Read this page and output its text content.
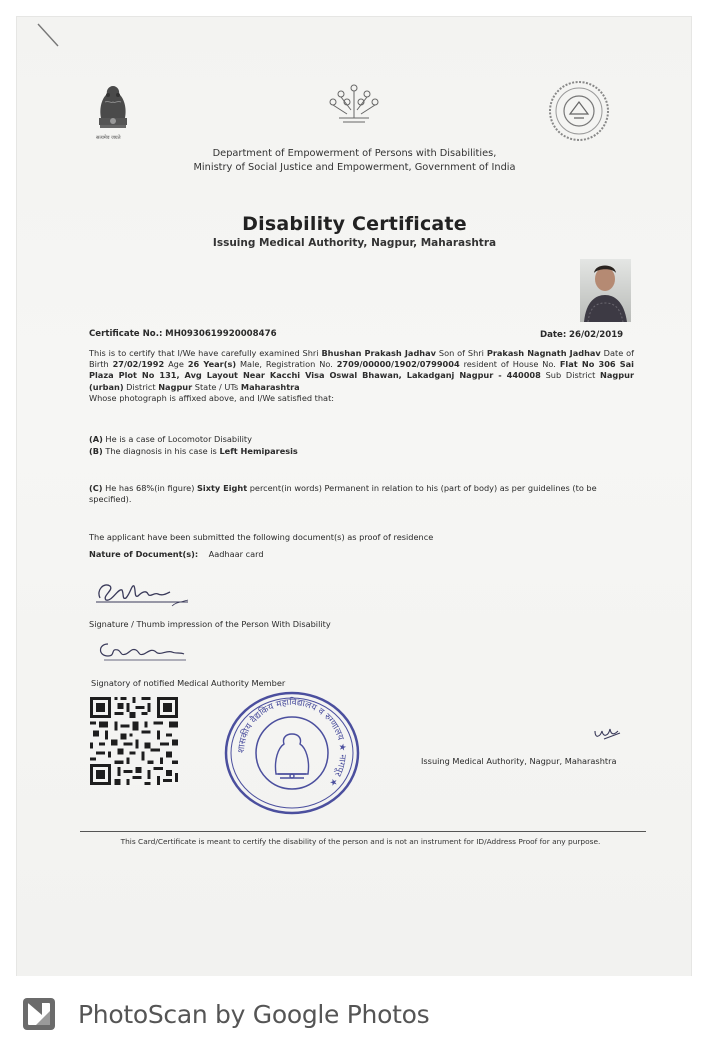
सत्यमेव जयते
Department of Empowerment of Persons with Disabilities,
Ministry of Social Justice and Empowerment, Government of India
Disability Certificate
Issuing Medical Authority, Nagpur, Maharashtra
Certificate No.: MH0930619920008476	Date: 26/02/2019
This is to certify that I/We have carefully examined Shri Bhushan Prakash Jadhav Son of Shri Prakash Nagnath Jadhav Date of Birth 27/02/1992 Age 26 Year(s) Male, Registration No. 2709/00000/1902/0799004 resident of House No. Flat No 306 Sai Plaza Plot No 131, Avg Layout Near Kacchi Visa Oswal Bhawan, Lakadganj Nagpur - 440008 Sub District Nagpur (urban) District Nagpur State / UTs Maharashtra
Whose photograph is affixed above, and I/We satisfied that:
(A) He is a case of Locomotor Disability
(B) The diagnosis in his case is Left Hemiparesis
(C) He has 68%(in figure) Sixty Eight percent(in words) Permanent in relation to his (part of body) as per guidelines (to be specified).
The applicant have been submitted the following document(s) as proof of residence
Nature of Document(s): Aadhaar card
Signature / Thumb impression of the Person With Disability
Signatory of notified Medical Authority Member
शासकीय वैद्यकिय महाविद्यालय व रुग्णालय ★ नागपूर ★
Issuing Medical Authority, Nagpur, Maharashtra
This Card/Certificate is meant to certify the disability of the person and is not an instrument for ID/Address Proof for any purpose.
PhotoScan by Google Photos
